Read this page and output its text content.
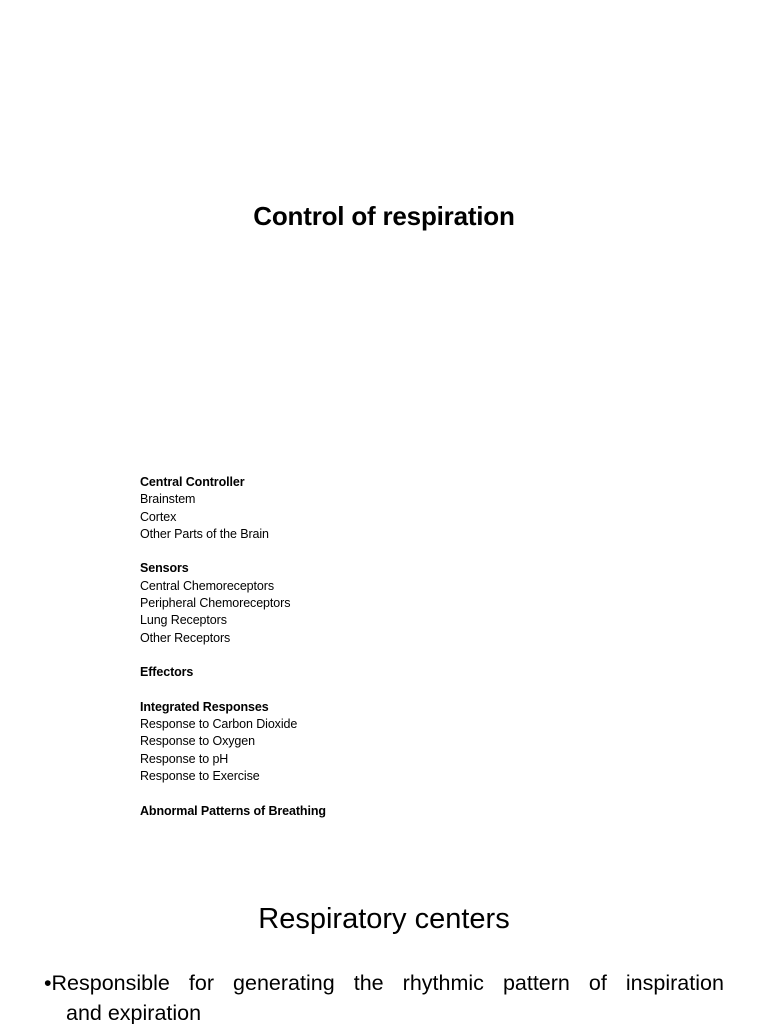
Control of respiration
Central Controller
Brainstem
Cortex
Other Parts of the Brain
Sensors
Central Chemoreceptors
Peripheral Chemoreceptors
Lung Receptors
Other Receptors
Effectors
Integrated Responses
Response to Carbon Dioxide
Response to Oxygen
Response to pH
Response to Exercise
Abnormal Patterns of Breathing
Respiratory centers
•Responsible for generating the rhythmic pattern of inspiration
and expiration
